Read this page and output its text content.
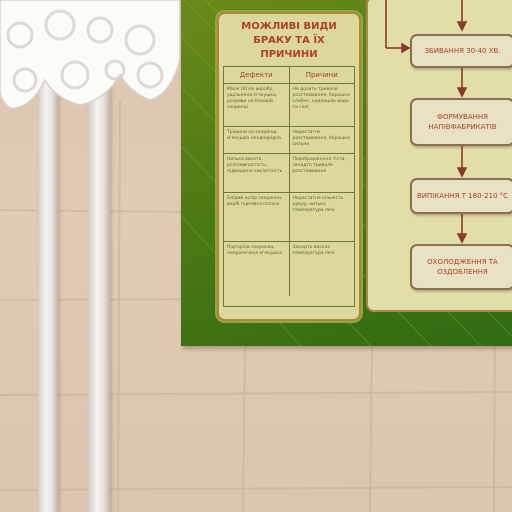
МОЖЛИВІ ВИДИ БРАКУ ТА ЇХ ПРИЧИНИ
Дефекти	Причини
Мале Об'єм виробу, ущільнена м'якушка, розриви на боковій скоринці
Не досить тривале розстоювання, борошно слабке, надлишок води та солі
Тріщини на скоринці, м'якушка неоднорідна
Недостатнє розстоювання, борошно сильне
Низька висота, розпливчастість, підвищена кислотність
Перебродження тіста, занадто тривале розстоювання
Блідий колір скоринки, виріб піднявся погано
Недостатня кількість цукру, низька температура печі
Підгоріла скоринка, непропечена м'якушка
Занадто висока температура печі
ЗБИВАННЯ 30-40 ХВ.
ФОРМУВАННЯ НАПІВФАБРИКАТІВ
ВИПІКАННЯ T 180-210 °C
ОХОЛОДЖЕННЯ ТА ОЗДОБЛЕННЯ
